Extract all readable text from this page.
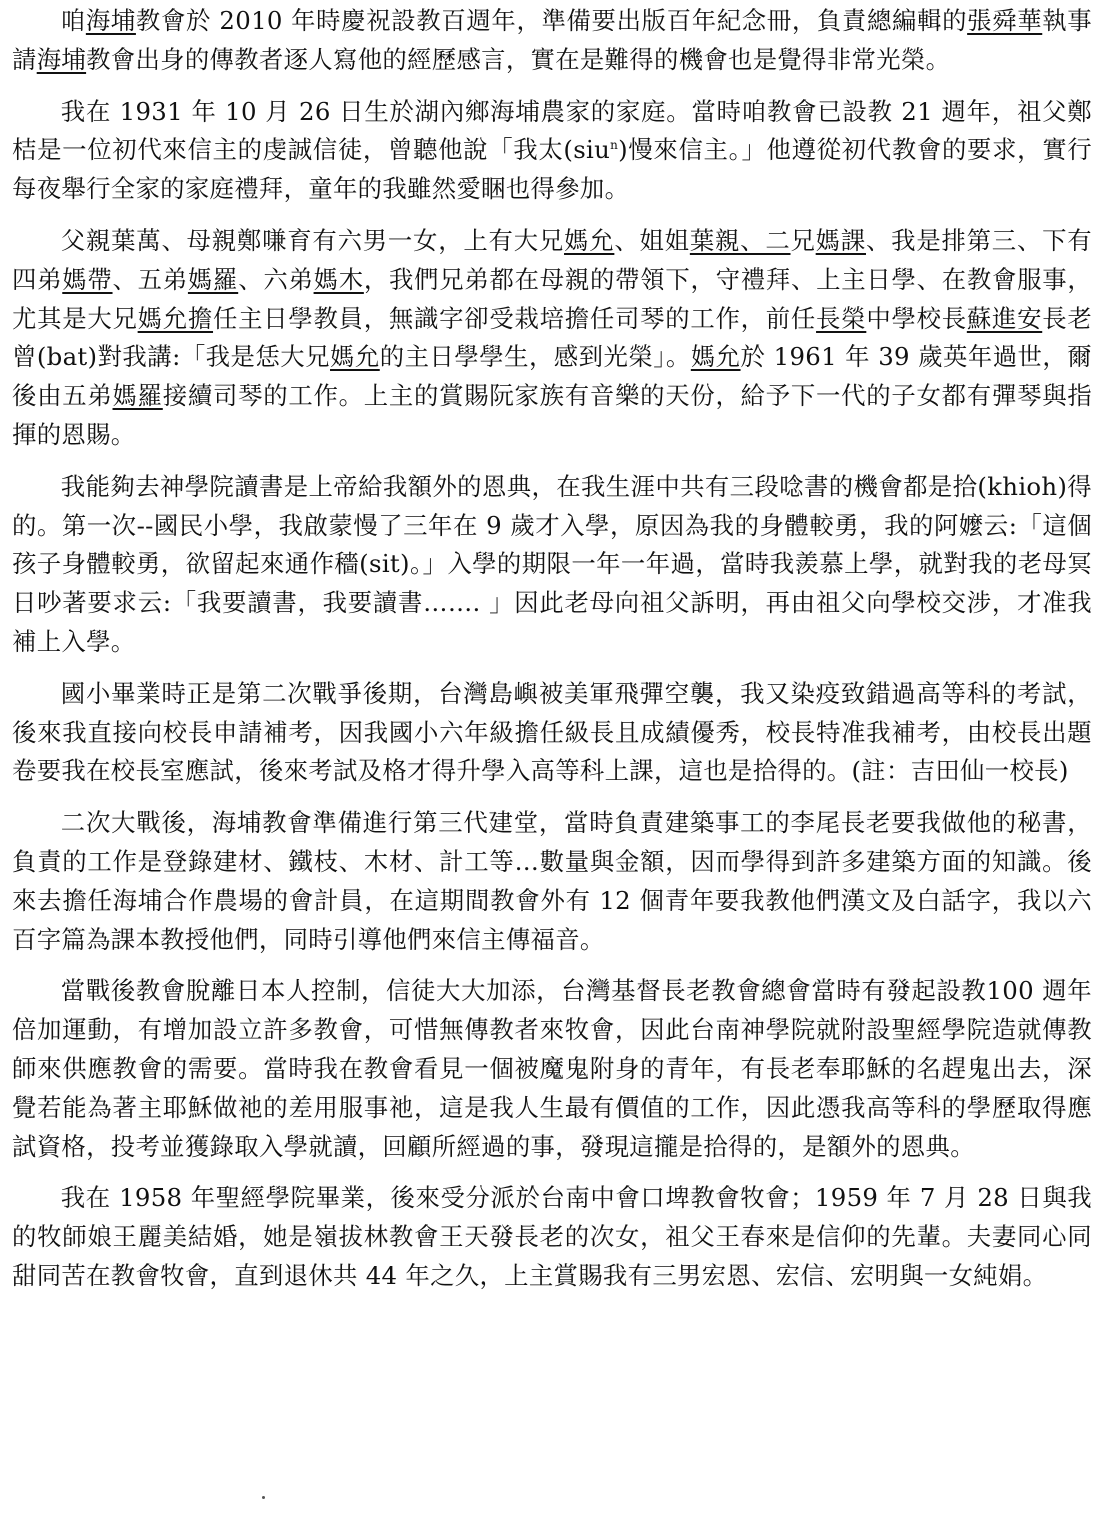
咱海埔教會於 2010 年時慶祝設教百週年，準備要出版百年紀念冊，負責總編輯的張舜華執事請海埔教會出身的傳教者逐人寫他的經歷感言，實在是難得的機會也是覺得非常光榮。

我在 1931 年 10 月 26 日生於湖內鄉海埔農家的家庭。當時咱教會已設教 21 週年，祖父鄭桔是一位初代來信主的虔誠信徒，曾聽他說「我太(siu$^n$)慢來信主。」他遵從初代教會的要求，實行每夜舉行全家的家庭禮拜，童年的我雖然愛睏也得參加。

父親葉萬、母親鄭嗛育有六男一女，上有大兄媽允、姐姐葉親、二兄媽課、我是排第三、下有四弟媽帶、五弟媽羅、六弟媽木，我們兄弟都在母親的帶領下，守禮拜、上主日學、在教會服事，尤其是大兄媽允擔任主日學教員，無識字卻受栽培擔任司琴的工作，前任長榮中學校長蘇進安長老曾(bat)對我講:「我是恁大兄媽允的主日學學生，感到光榮」。媽允於 1961 年 39 歲英年過世，爾後由五弟媽羅接續司琴的工作。上主的賞賜阮家族有音樂的天份，給予下一代的子女都有彈琴與指揮的恩賜。

我能夠去神學院讀書是上帝給我額外的恩典，在我生涯中共有三段唸書的機會都是拾(khioh)得的。第一次--國民小學，我啟蒙慢了三年在 9 歲才入學，原因為我的身體較勇，我的阿嬤云:「這個孩子身體較勇，欲留起來通作穡(sit)。」入學的期限一年一年過，當時我羨慕上學，就對我的老母冥日吵著要求云:「我要讀書，我要讀書……. 」因此老母向祖父訴明，再由祖父向學校交涉，才准我補上入學。

國小畢業時正是第二次戰爭後期，台灣島嶼被美軍飛彈空襲，我又染疫致錯過高等科的考試，後來我直接向校長申請補考，因我國小六年級擔任級長且成績優秀，校長特准我補考，由校長出題卷要我在校長室應試，後來考試及格才得升學入高等科上課，這也是拾得的。(註：吉田仙一校長)

二次大戰後，海埔教會準備進行第三代建堂，當時負責建築事工的李尾長老要我做他的秘書，負責的工作是登錄建材、鐵枝、木材、計工等…數量與金額，因而學得到許多建築方面的知識。後來去擔任海埔合作農場的會計員，在這期間教會外有 12 個青年要我教他們漢文及白話字，我以六百字篇為課本教授他們，同時引導他們來信主傳福音。

當戰後教會脫離日本人控制，信徒大大加添，台灣基督長老教會總會當時有發起設教100 週年倍加運動，有增加設立許多教會，可惜無傳教者來牧會，因此台南神學院就附設聖經學院造就傳教師來供應教會的需要。當時我在教會看見一個被魔鬼附身的青年，有長老奉耶穌的名趕鬼出去，深覺若能為著主耶穌做祂的差用服事祂，這是我人生最有價值的工作，因此憑我高等科的學歷取得應試資格，投考並獲錄取入學就讀，回顧所經過的事，發現這攏是拾得的，是額外的恩典。

我在 1958 年聖經學院畢業，後來受分派於台南中會口埤教會牧會；1959 年 7 月 28 日與我的牧師娘王麗美結婚，她是嶺拔林教會王天發長老的次女，祖父王春來是信仰的先輩。夫妻同心同甜同苦在教會牧會，直到退休共 44 年之久，上主賞賜我有三男宏恩、宏信、宏明與一女純娟。
